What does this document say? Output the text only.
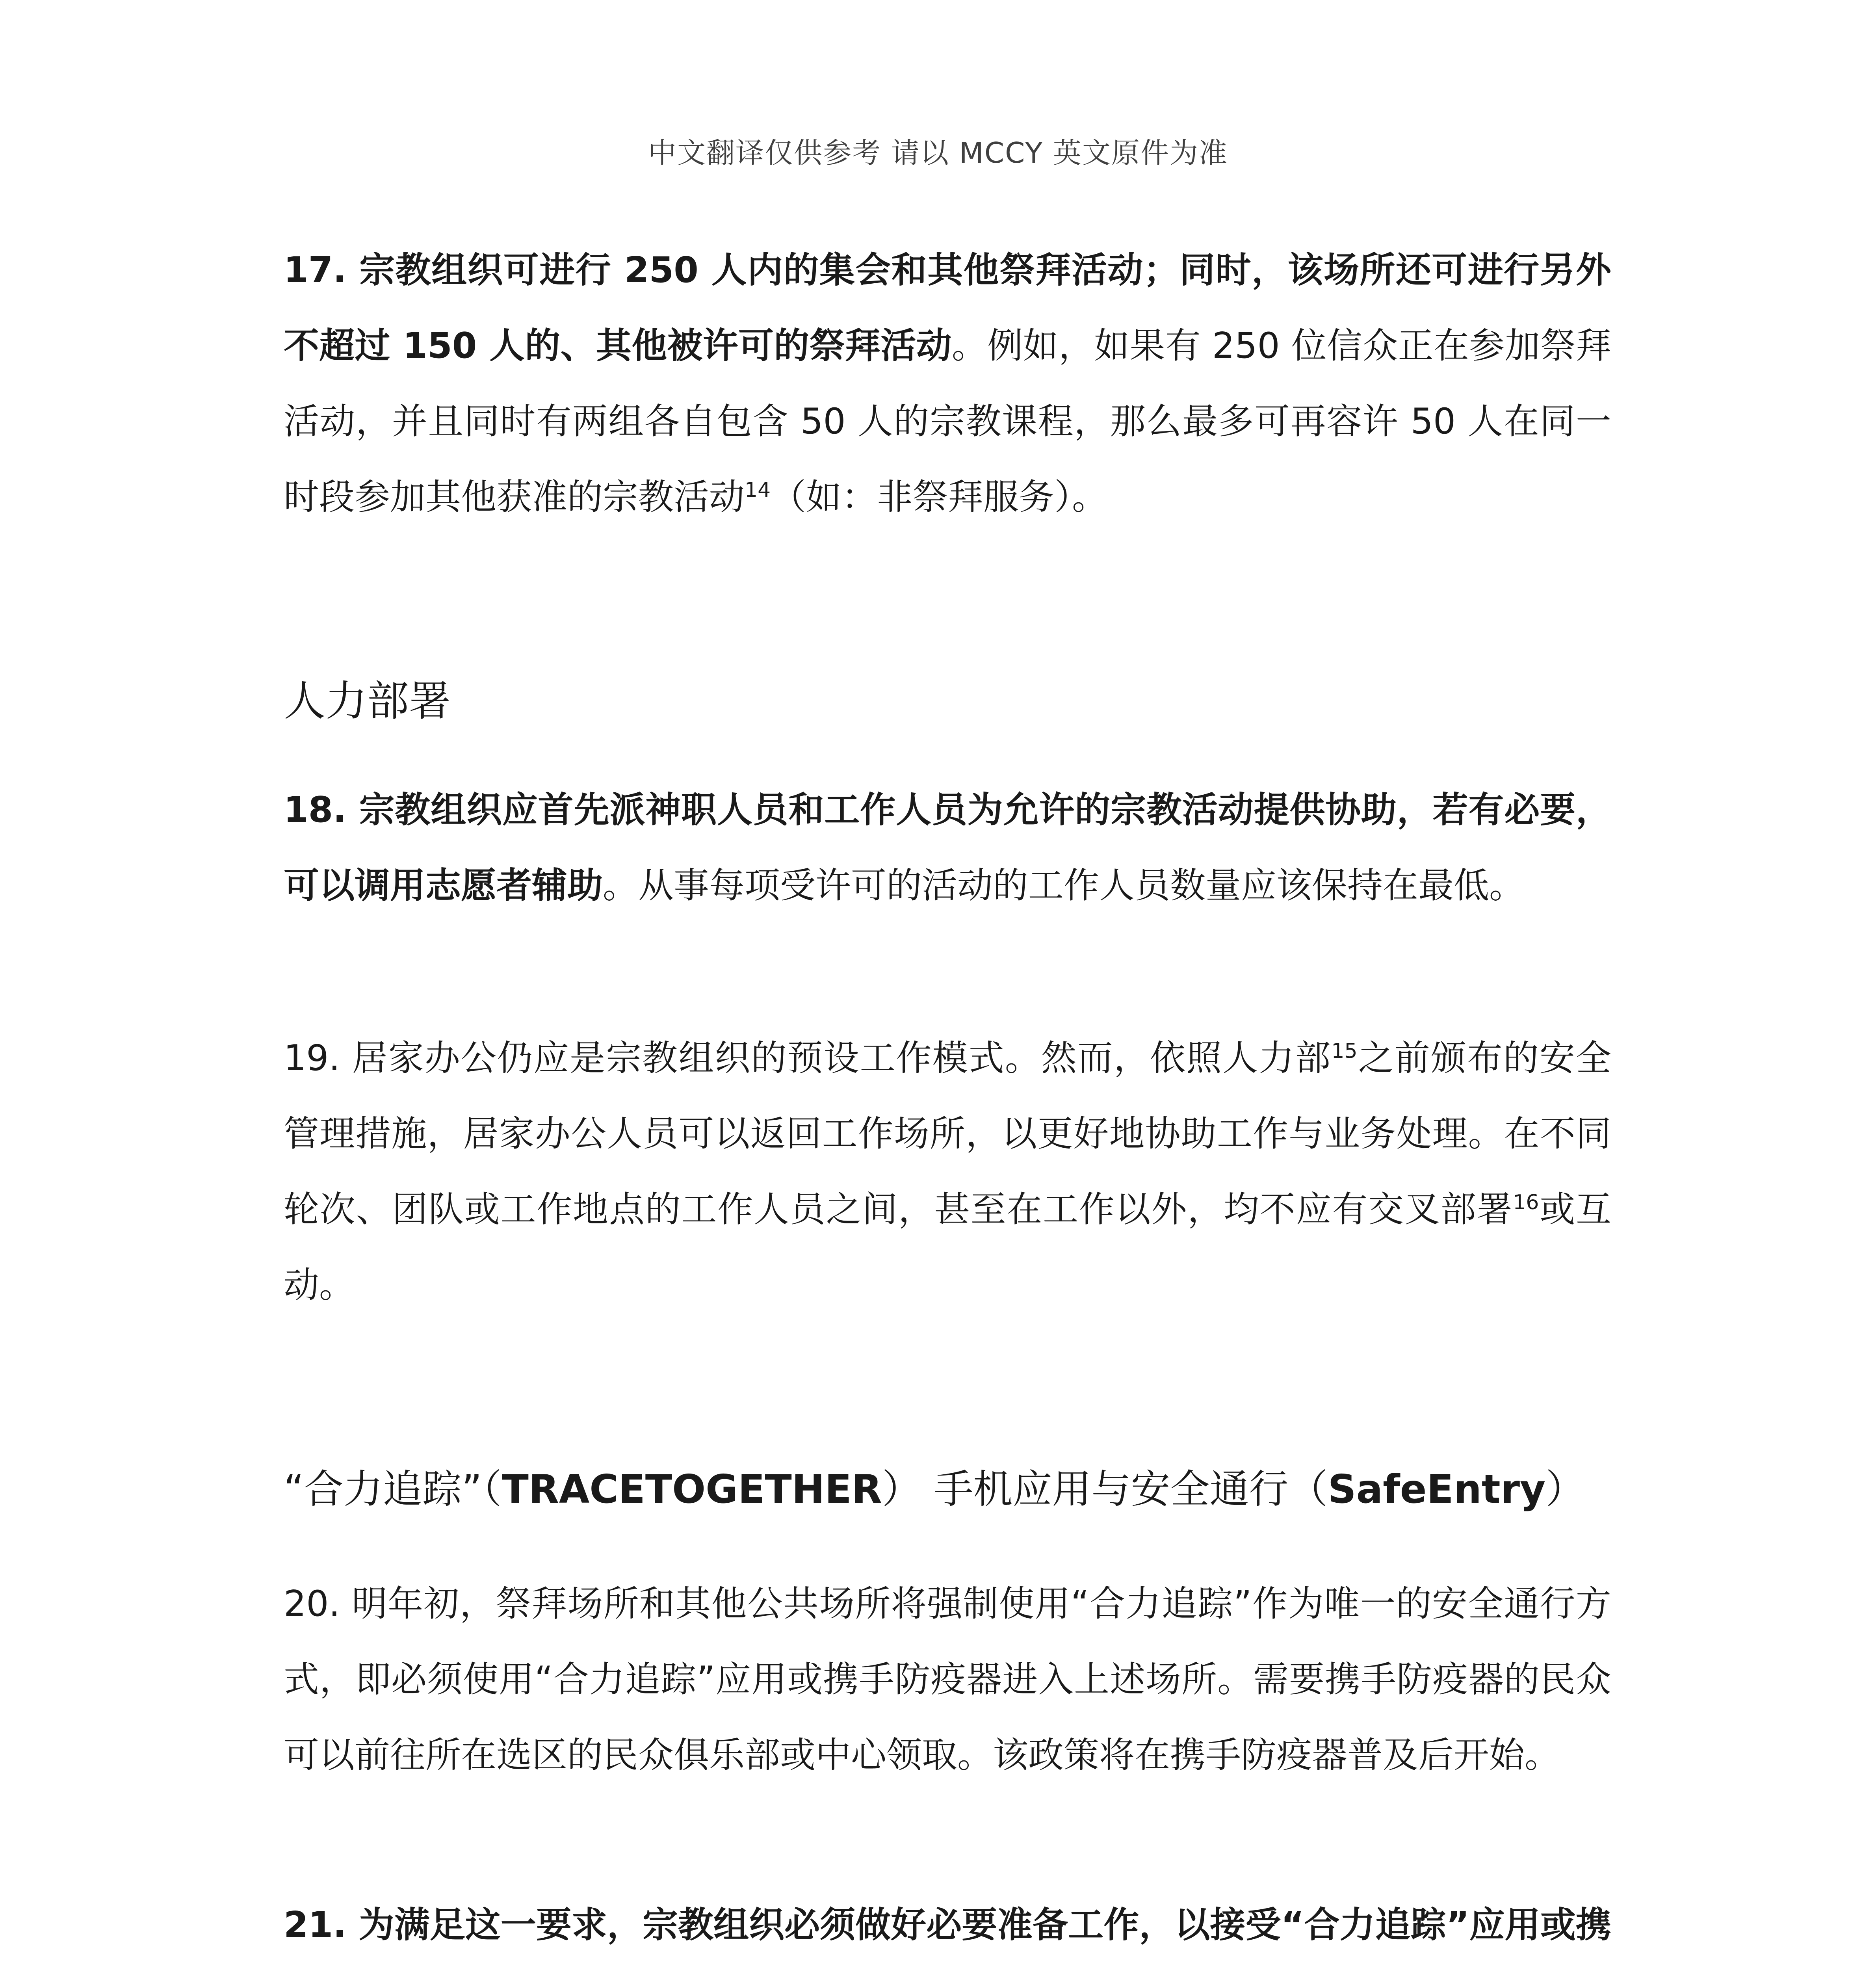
中文翻译仅供参考 请以 MCCY 英文原件为准

17. 宗教组织可进行 250 人内的集会和其他祭拜活动；同时，该场所还可进行另外不超过 150 人的、其他被许可的祭拜活动。例如，如果有 250 位信众正在参加祭拜活动，并且同时有两组各自包含 50 人的宗教课程，那么最多可再容许 50 人在同一时段参加其他获准的宗教活动$^{14}$（如：非祭拜服务）。

人力部署

18. 宗教组织应首先派神职人员和工作人员为允许的宗教活动提供协助，若有必要，可以调用志愿者辅助。从事每项受许可的活动的工作人员数量应该保持在最低。

19. 居家办公仍应是宗教组织的预设工作模式。然而，依照人力部$^{15}$之前颁布的安全管理措施，居家办公人员可以返回工作场所，以更好地协助工作与业务处理。在不同轮次、团队或工作地点的工作人员之间，甚至在工作以外，均不应有交叉部署$^{16}$或互动。

“合力追踪”（TRACETOGETHER） 手机应用与安全通行（SafeEntry）

20. 明年初，祭拜场所和其他公共场所将强制使用“合力追踪”作为唯一的安全通行方式，即必须使用“合力追踪”应用或携手防疫器进入上述场所。需要携手防疫器的民众可以前往所在选区的民众俱乐部或中心领取。该政策将在携手防疫器普及后开始。

21. 为满足这一要求，宗教组织必须做好必要准备工作，以接受“合力追踪”应用或携
